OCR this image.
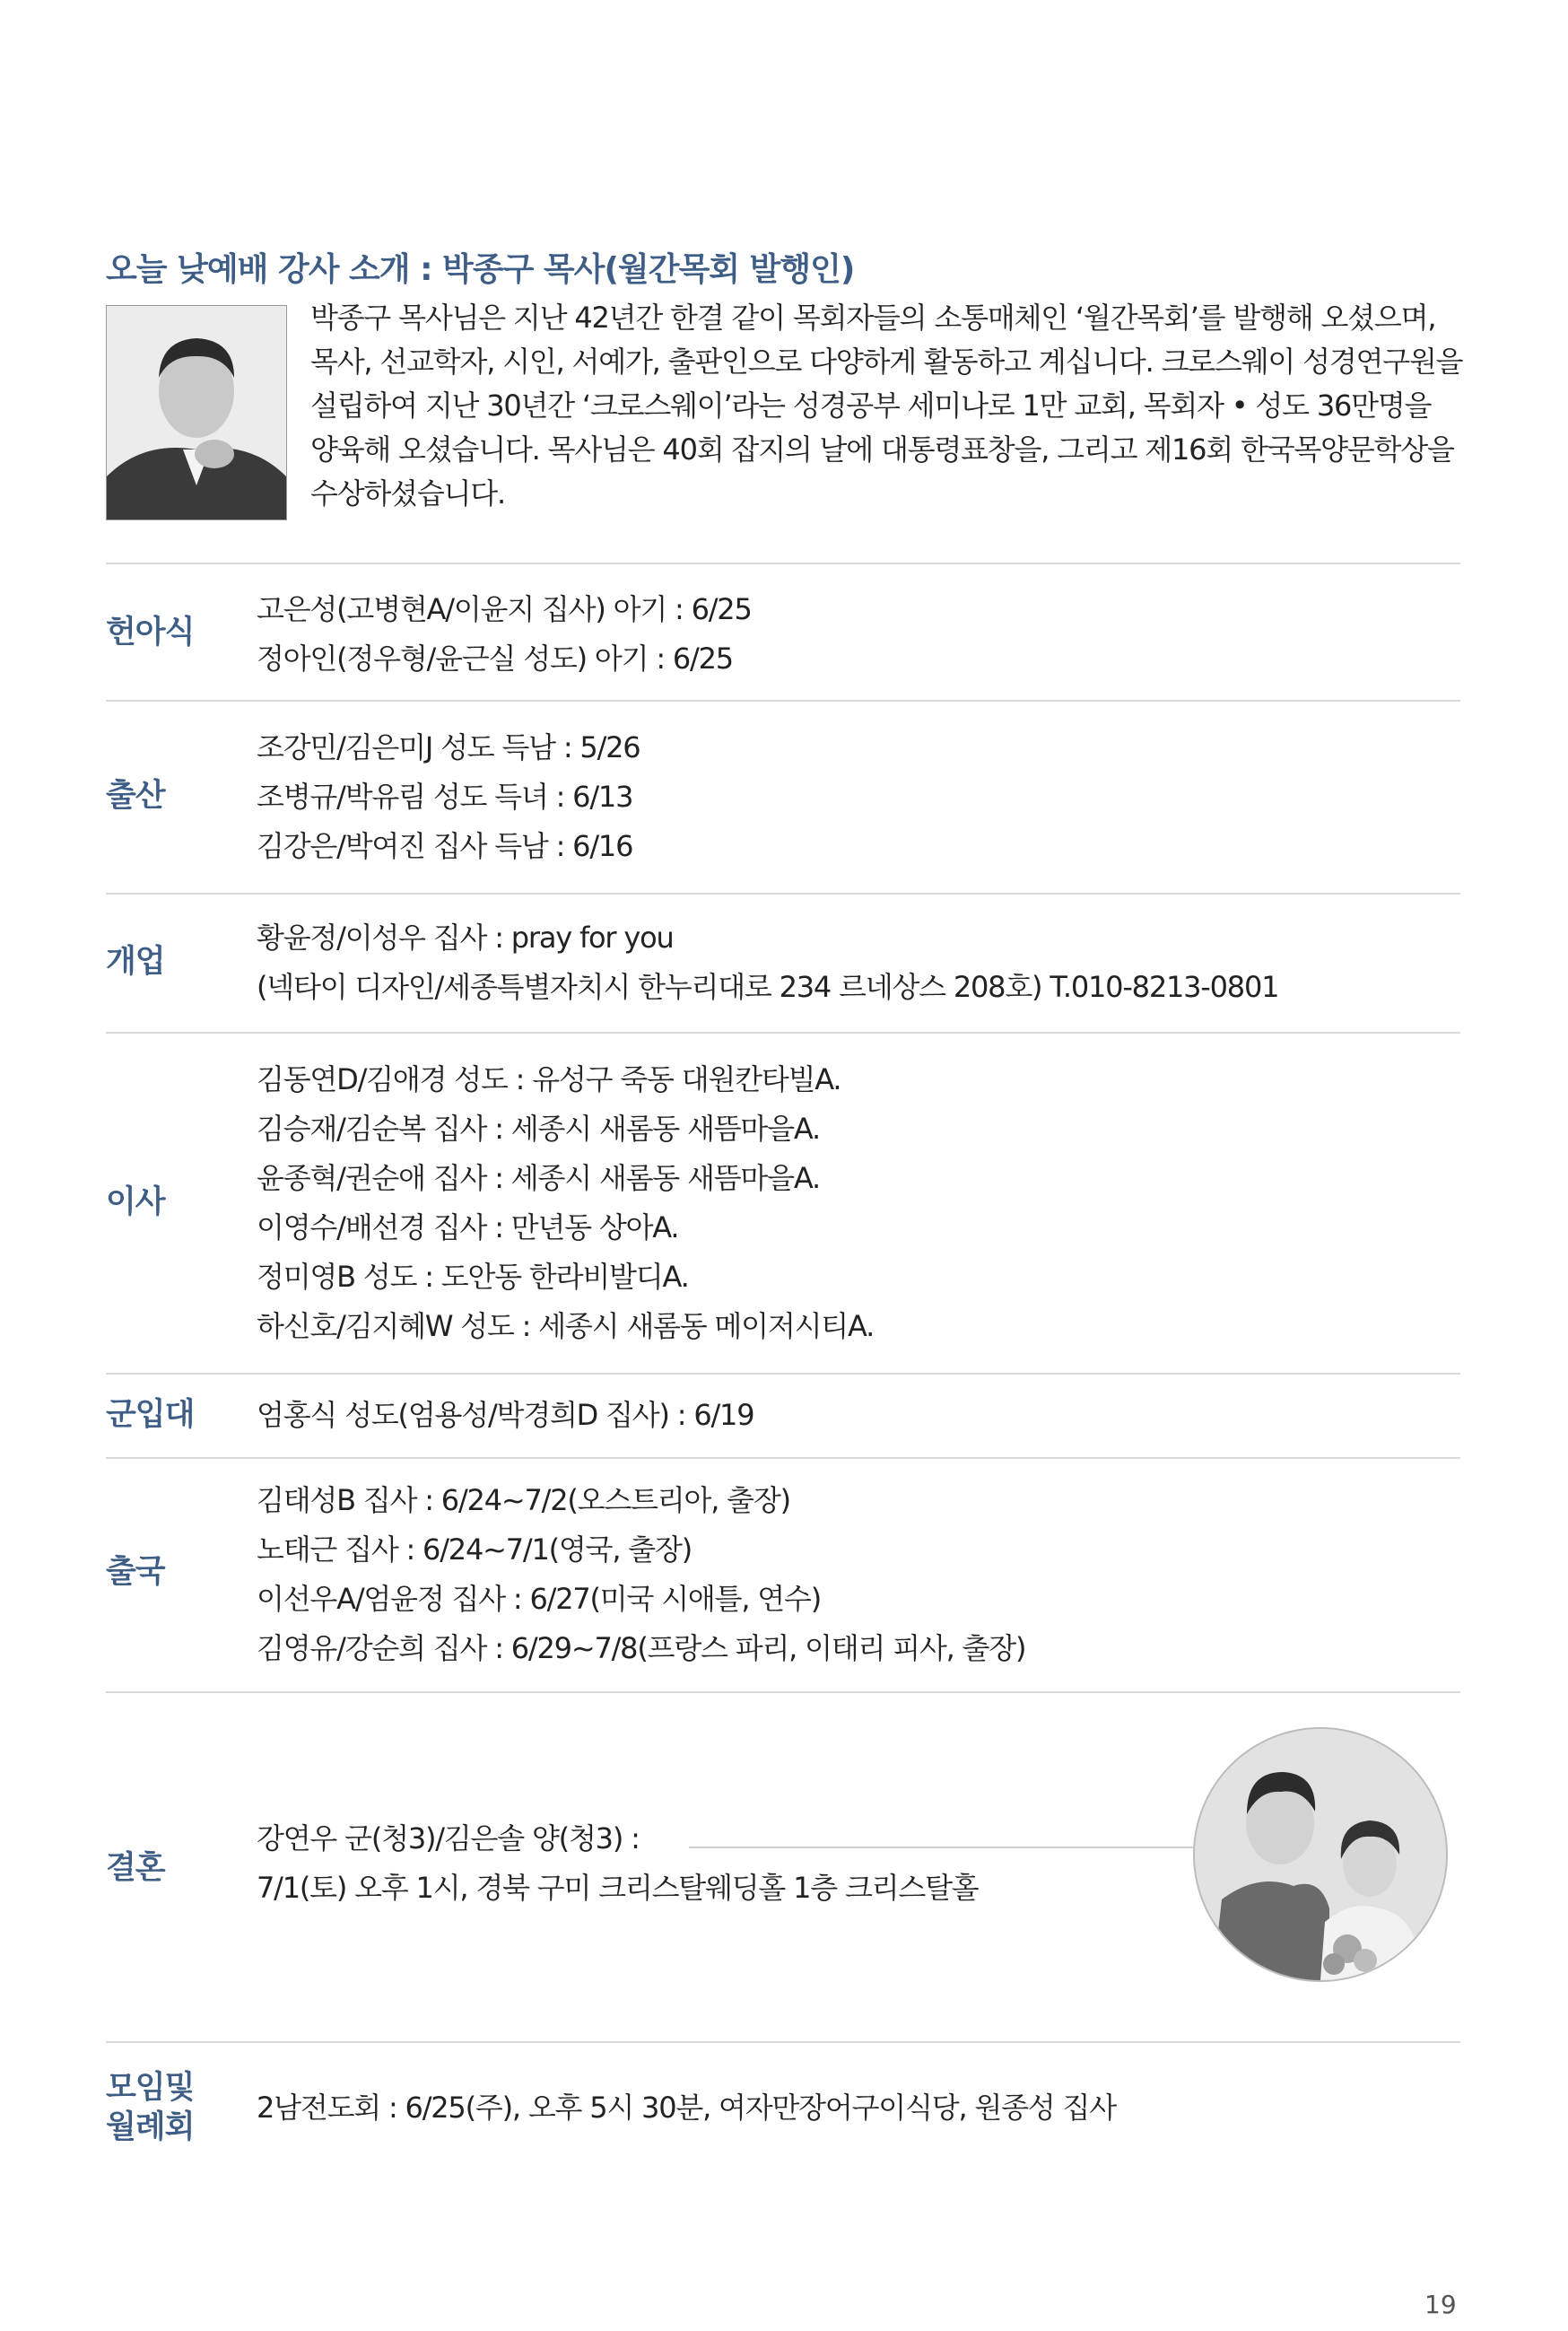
오늘 낮예배 강사 소개 : 박종구 목사(월간목회 발행인)

박종구 목사님은 지난 42년간 한결 같이 목회자들의 소통매체인 ‘월간목회’를 발행해 오셨으며,

목사, 선교학자, 시인, 서예가, 출판인으로 다양하게 활동하고 계십니다. 크로스웨이 성경연구원을

설립하여 지난 30년간 ‘크로스웨이’라는 성경공부 세미나로 1만 교회, 목회자 • 성도 36만명을

양육해 오셨습니다. 목사님은 40회 잡지의 날에 대통령표창을, 그리고 제16회 한국목양문학상을

수상하셨습니다.

헌아식
고은성(고병현A/이윤지 집사) 아기 : 6/25
정아인(정우형/윤근실 성도) 아기 : 6/25
출산
조강민/김은미J 성도 득남 : 5/26
조병규/박유림 성도 득녀 : 6/13
김강은/박여진 집사 득남 : 6/16
개업
황윤정/이성우 집사 : pray for you
(넥타이 디자인/세종특별자치시 한누리대로 234 르네상스 208호) T.010-8213-0801
이사
김동연D/김애경 성도 : 유성구 죽동 대원칸타빌A.
김승재/김순복 집사 : 세종시 새롬동 새뜸마을A.
윤종혁/권순애 집사 : 세종시 새롬동 새뜸마을A.
이영수/배선경 집사 : 만년동 상아A.
정미영B 성도 : 도안동 한라비발디A.
하신호/김지혜W 성도 : 세종시 새롬동 메이저시티A.
군입대	엄홍식 성도(엄용성/박경희D 집사) : 6/19
출국
김태성B 집사 : 6/24~7/2(오스트리아, 출장)
노태근 집사 : 6/24~7/1(영국, 출장)
이선우A/엄윤정 집사 : 6/27(미국 시애틀, 연수)
김영유/강순희 집사 : 6/29~7/8(프랑스 파리, 이태리 피사, 출장)
결혼
강연우 군(청3)/김은솔 양(청3) :
7/1(토) 오후 1시, 경북 구미 크리스탈웨딩홀 1층 크리스탈홀
모임및
월례회
2남전도회 : 6/25(주), 오후 5시 30분, 여자만장어구이식당, 원종성 집사
19
